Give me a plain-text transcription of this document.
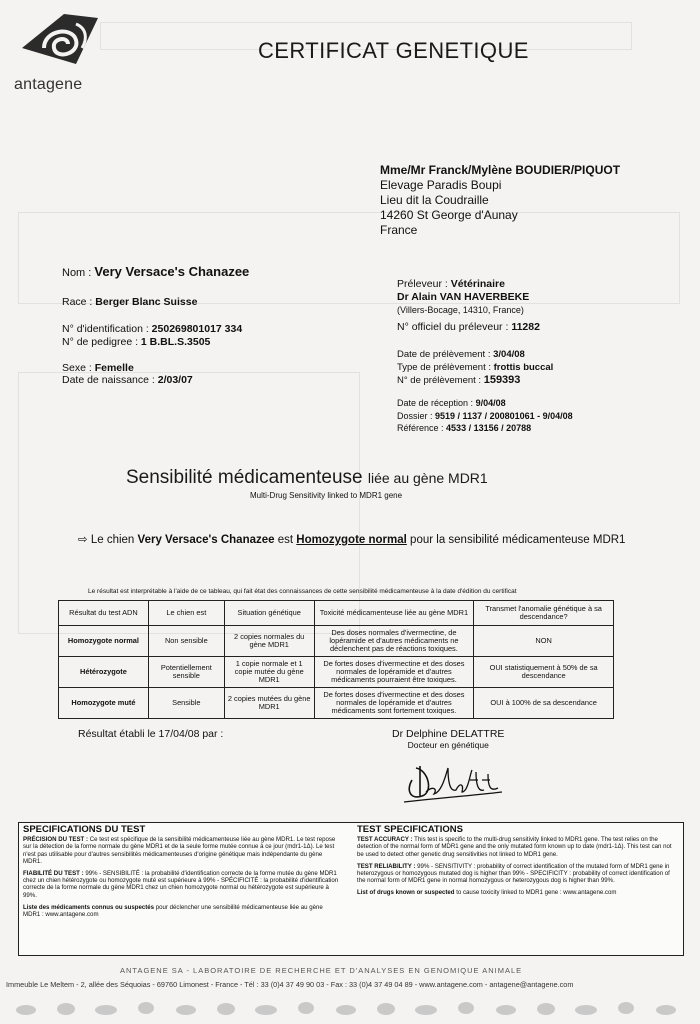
antagene
CERTIFICAT GENETIQUE
Mme/Mr Franck/Mylène BOUDIER/PIQUOT
Elevage Paradis Boupi
Lieu dit la Coudraille
14260 St George d'Aunay
France
Nom : Very Versace's Chanazee
Race : Berger Blanc Suisse
N° d'identification : 250269801017 334
N° de pedigree : 1 B.BL.S.3505
Sexe : Femelle
Date de naissance : 2/03/07
Préleveur : Vétérinaire
Dr Alain VAN HAVERBEKE
(Villers-Bocage, 14310, France)
N° officiel du préleveur : 11282
Date de prélèvement : 3/04/08
Type de prélèvement : frottis buccal
N° de prélèvement : 159393
Date de réception : 9/04/08
Dossier : 9519 / 1137 / 200801061 - 9/04/08
Référence : 4533 / 13156 / 20788
Sensibilité médicamenteuse liée au gène MDR1
Multi-Drug Sensitivity linked to MDR1 gene
⇨ Le chien Very Versace's Chanazee est Homozygote normal pour la sensibilité médicamenteuse MDR1
Le résultat est interprétable à l'aide de ce tableau, qui fait état des connaissances de cette sensibilité médicamenteuse à la date d'édition du certificat
Résultat du test ADN	Le chien est	Situation génétique	Toxicité médicamenteuse liée au gène MDR1	Transmet l'anomalie génétique à sa descendance?
Homozygote normal	Non sensible	2 copies normales du gène MDR1	Des doses normales d'ivermectine, de lopéramide et d'autres médicaments ne déclenchent pas de réactions toxiques.	NON
Hétérozygote	Potentiellement sensible	1 copie normale et 1 copie mutée du gène MDR1	De fortes doses d'ivermectine et des doses normales de lopéramide et d'autres médicaments pourraient être toxiques.	OUI statistiquement à 50% de sa descendance
Homozygote muté	Sensible	2 copies mutées du gène MDR1	De fortes doses d'ivermectine et des doses normales de lopéramide et d'autres médicaments sont fortement toxiques.	OUI à 100% de sa descendance
Résultat établi le 17/04/08 par :	Dr Delphine DELATTRE
Docteur en génétique
SPECIFICATIONS DU TEST

PRÉCISION DU TEST : Ce test est spécifique de la sensibilité médicamenteuse liée au gène MDR1. Le test repose sur la détection de la forme normale du gène MDR1 et de la seule forme mutée connue à ce jour (mdr1-1Δ). Le test n'est pas utilisable pour d'autres sensibilités médicamenteuses d'origine génétique mais indépendante du gène MDR1.

FIABILITÉ DU TEST : 99% - SENSIBILITÉ : la probabilité d'identification correcte de la forme mutée du gène MDR1 chez un chien hétérozygote ou homozygote muté est supérieure à 99% - SPÉCIFICITÉ : la probabilité d'identification correcte de la forme normale du gène MDR1 chez un chien homozygote normal ou hétérozygote est supérieure à 99%.

Liste des médicaments connus ou suspectés pour déclencher une sensibilité médicamenteuse liée au gène MDR1 : www.antagene.com

TEST SPECIFICATIONS

TEST ACCURACY : This test is specific to the multi-drug sensitivity linked to MDR1 gene. The test relies on the detection of the normal form of MDR1 gene and the only mutated form known up to date (mdr1-1Δ). This test can not be used to detect other genetic drug sensitivities not linked to MDR1 gene.

TEST RELIABILITY : 99% - SENSITIVITY : probability of correct identification of the mutated form of MDR1 gene in heterozygous or homozygous mutated dog is higher than 99% - SPECIFICITY : probability of correct identification of the normal form of MDR1 gene in normal homozygous or heterozygous dog is higher than 99%.

List of drugs known or suspected to cause toxicity linked to MDR1 gene : www.antagene.com

ANTAGENE SA - LABORATOIRE DE RECHERCHE ET D'ANALYSES EN GENOMIQUE ANIMALE
Immeuble Le Meltem - 2, allée des Séquoias - 69760 Limonest - France - Tél : 33 (0)4 37 49 90 03 - Fax : 33 (0)4 37 49 04 89 - www.antagene.com - antagene@antagene.com
